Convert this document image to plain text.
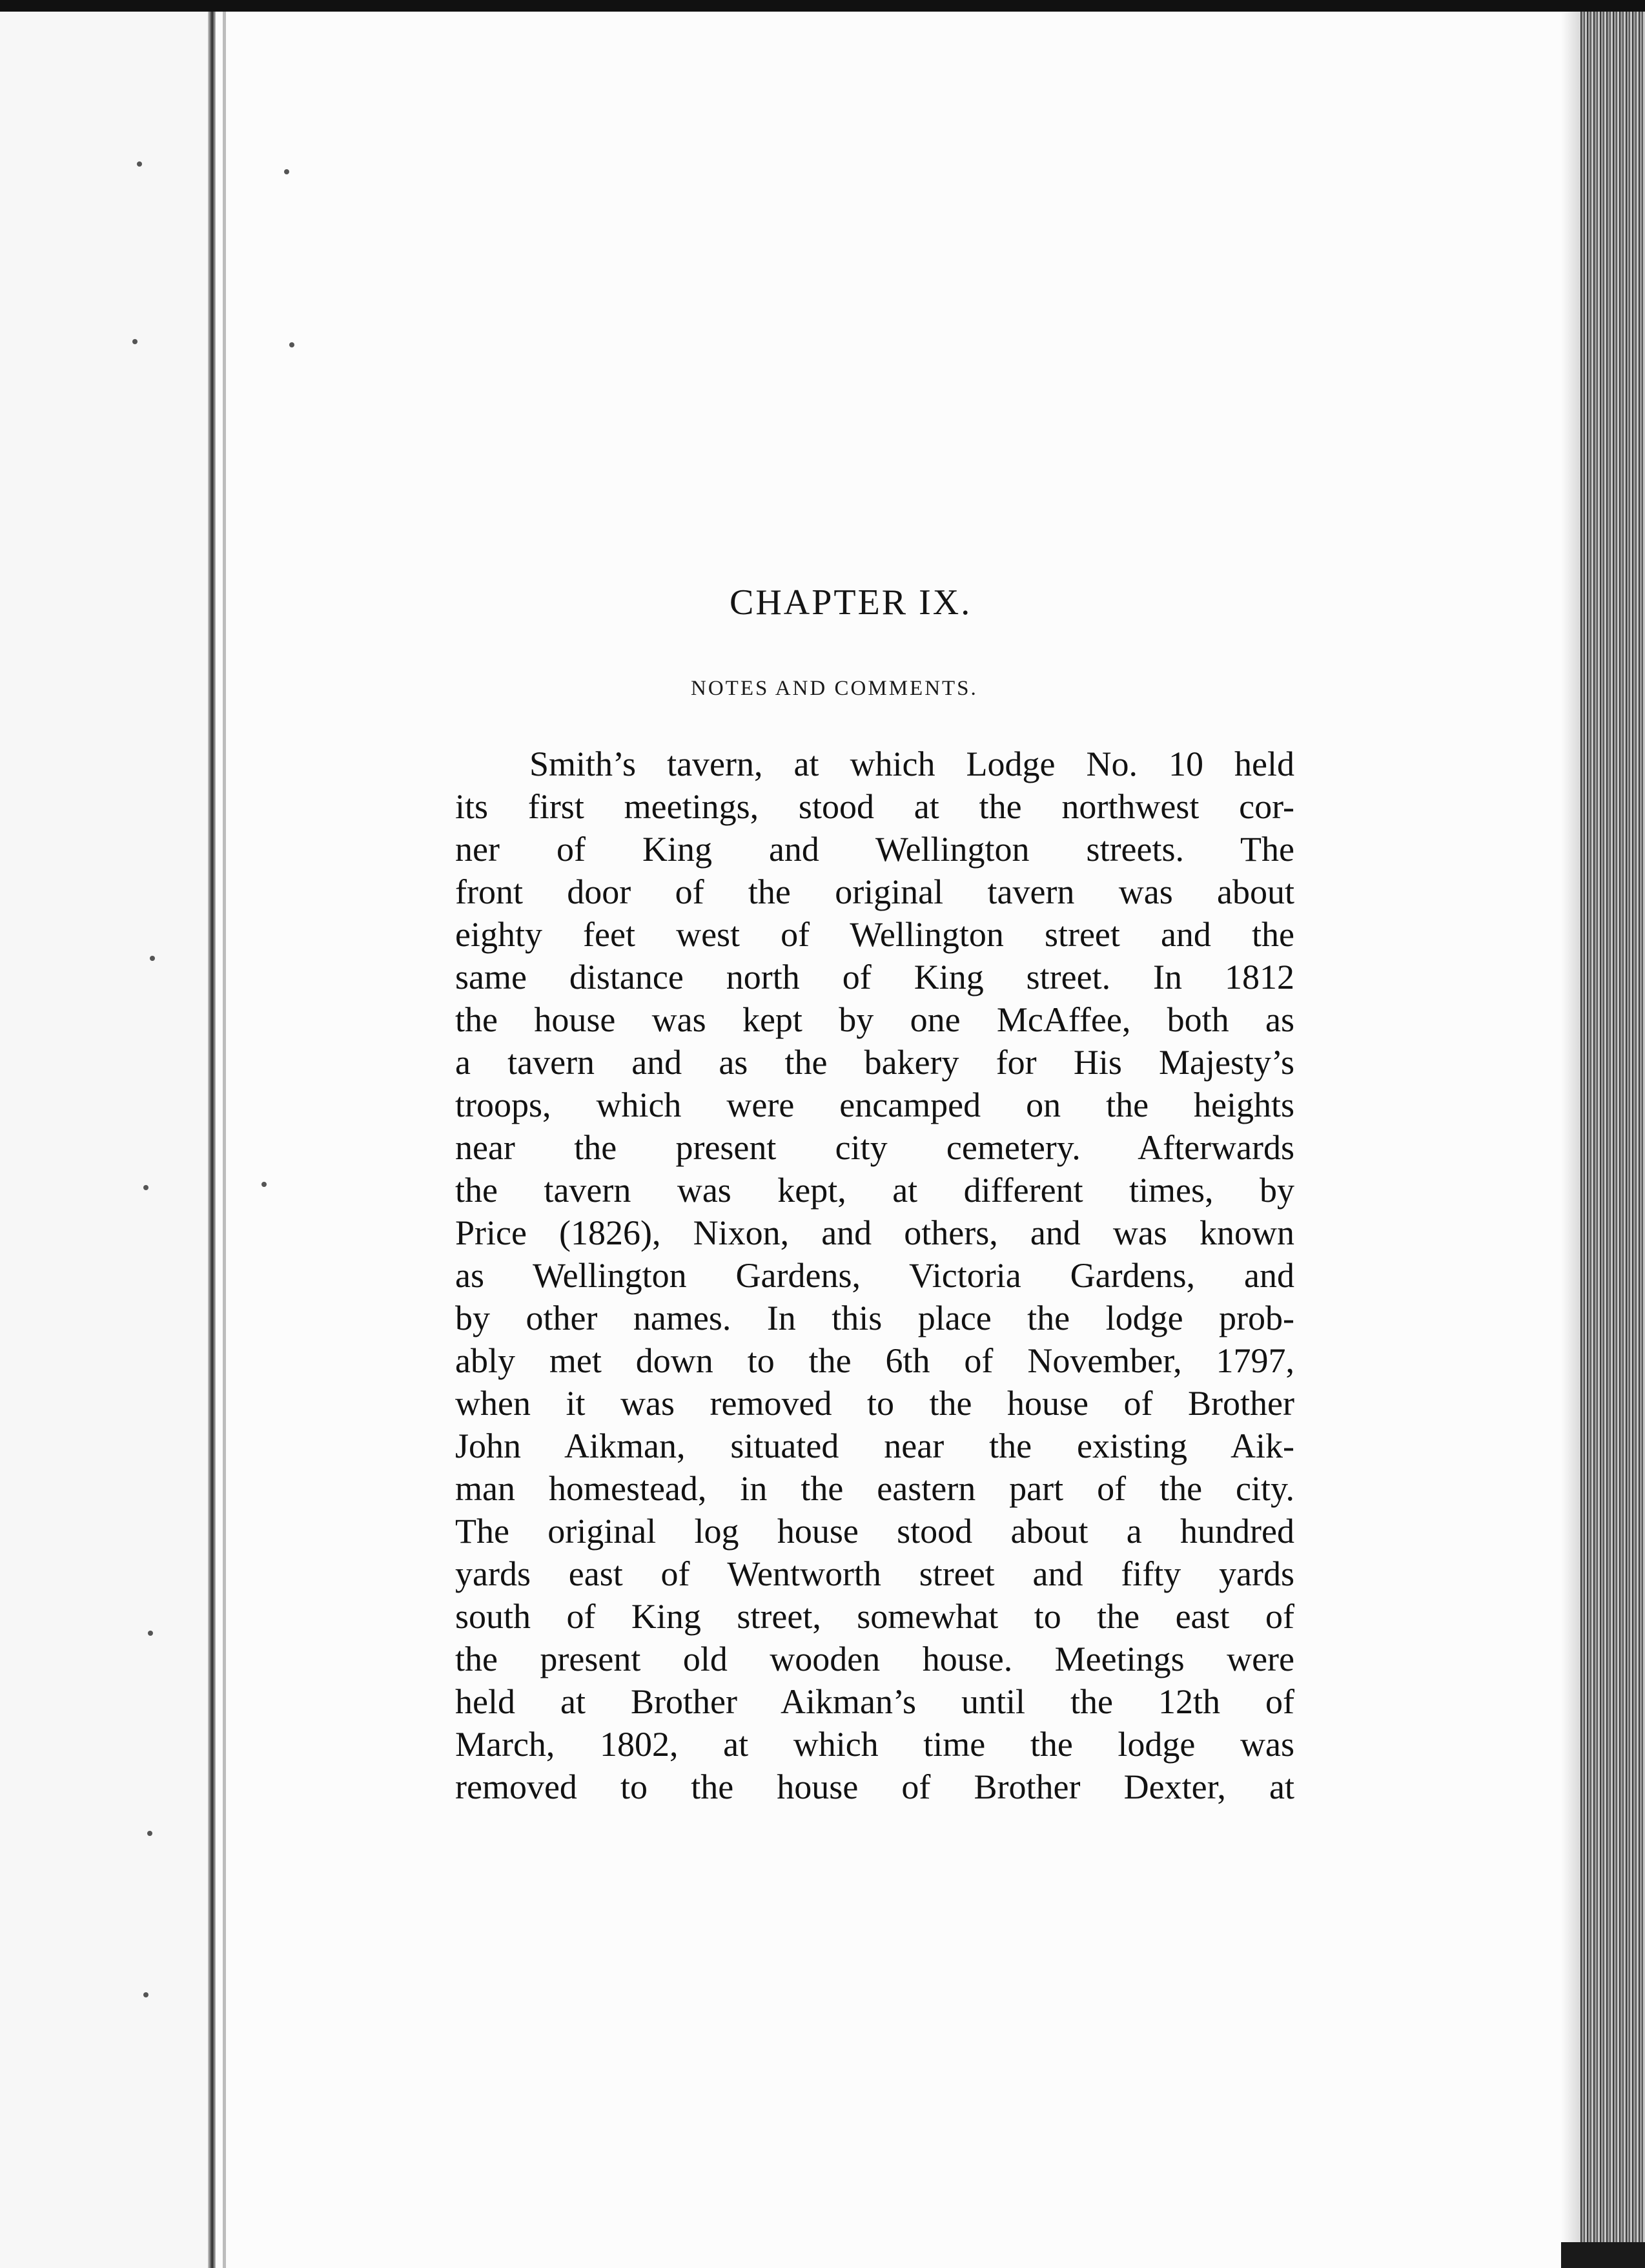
CHAPTER IX.
NOTES AND COMMENTS.
Smith’s tavern, at which Lodge No. 10 held
its first meetings, stood at the northwest cor-
ner of King and Wellington streets. The
front door of the original tavern was about
eighty feet west of Wellington street and the
same distance north of King street. In 1812
the house was kept by one McAffee, both as
a tavern and as the bakery for His Majesty’s
troops, which were encamped on the heights
near the present city cemetery. Afterwards
the tavern was kept, at different times, by
Price (1826), Nixon, and others, and was known
as Wellington Gardens, Victoria Gardens, and
by other names. In this place the lodge prob-
ably met down to the 6th of November, 1797,
when it was removed to the house of Brother
John Aikman, situated near the existing Aik-
man homestead, in the eastern part of the city.
The original log house stood about a hundred
yards east of Wentworth street and fifty yards
south of King street, somewhat to the east of
the present old wooden house. Meetings were
held at Brother Aikman’s until the 12th of
March, 1802, at which time the lodge was
removed to the house of Brother Dexter, at
